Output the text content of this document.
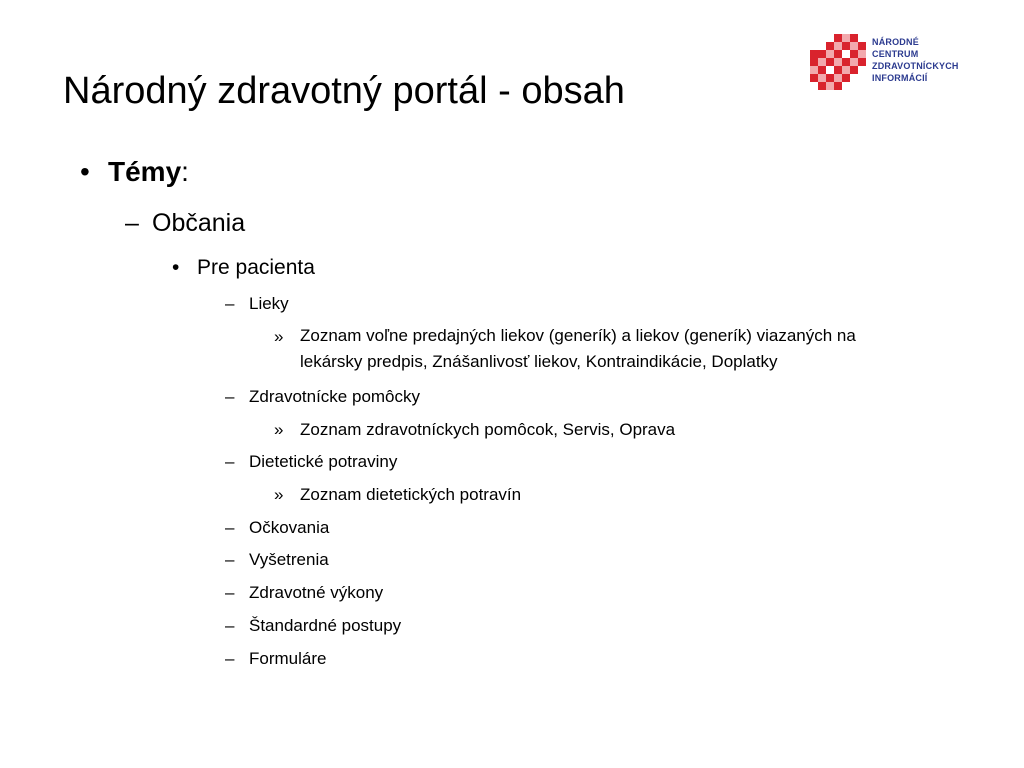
Národný zdravotný portál - obsah
NÁRODNÉ
CENTRUM
ZDRAVOTNÍCKYCH
INFORMÁCIÍ
• Témy:
– Občania
• Pre pacienta
– Lieky
» Zoznam voľne predajných liekov (generík) a liekov (generík) viazaných na
lekársky predpis, Znášanlivosť liekov, Kontraindikácie, Doplatky
– Zdravotnícke pomôcky
» Zoznam zdravotníckych pomôcok, Servis, Oprava
– Dietetické potraviny
» Zoznam dietetických potravín
– Očkovania
– Vyšetrenia
– Zdravotné výkony
– Štandardné postupy
– Formuláre
